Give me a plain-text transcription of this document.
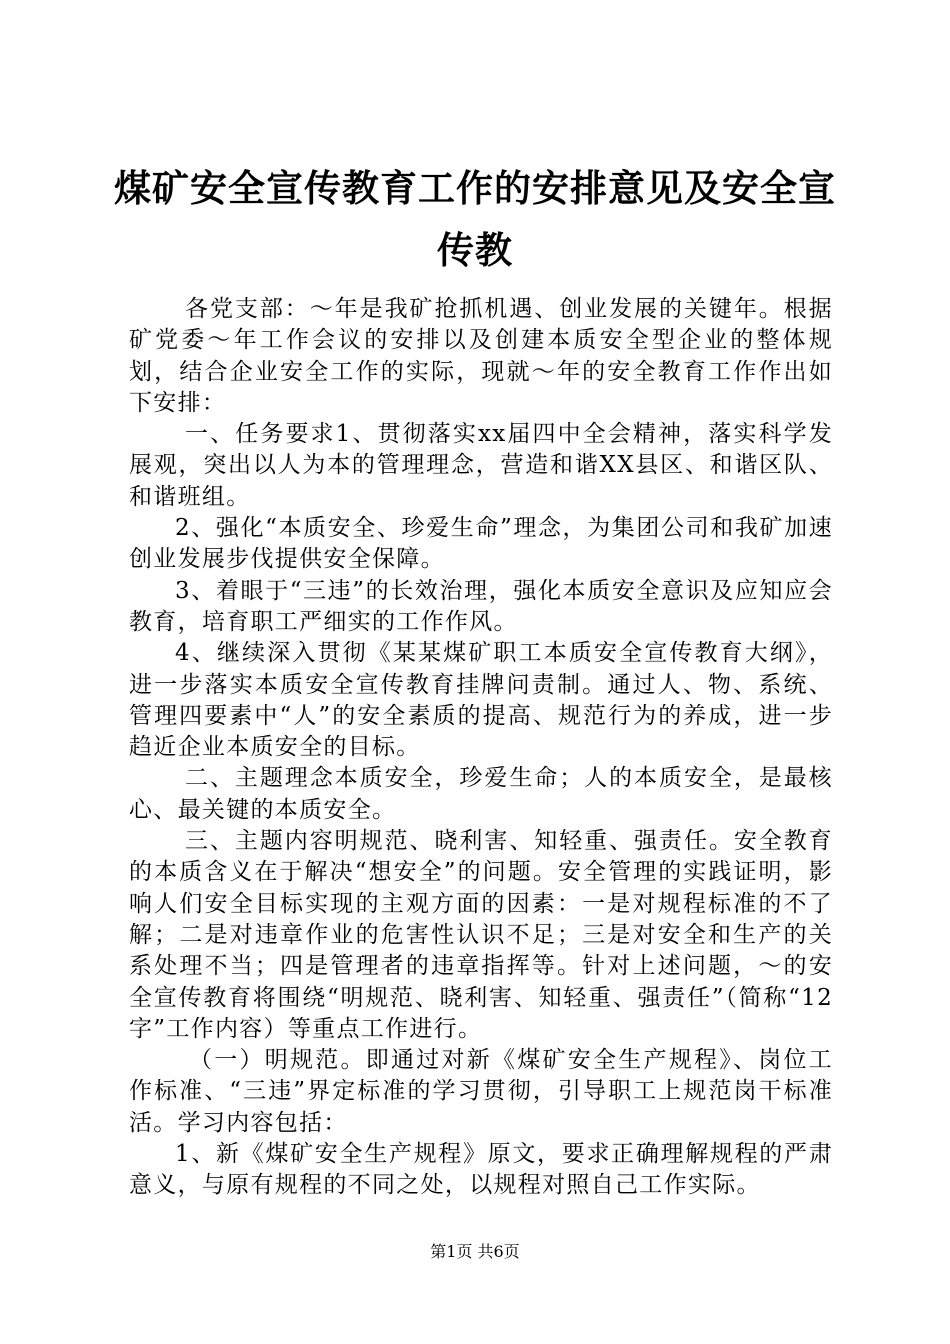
煤矿安全宣传教育工作的安排意见及安全宣传教

各党支部：～年是我矿抢抓机遇、创业发展的关键年。根据矿党委～年工作会议的安排以及创建本质安全型企业的整体规划，结合企业安全工作的实际，现就～年的安全教育工作作出如下安排：

一、任务要求1、贯彻落实xx届四中全会精神，落实科学发展观，突出以人为本的管理理念，营造和谐XX县区、和谐区队、和谐班组。

2、强化“本质安全、珍爱生命”理念，为集团公司和我矿加速创业发展步伐提供安全保障。

3、着眼于“三违”的长效治理，强化本质安全意识及应知应会教育，培育职工严细实的工作作风。

4、继续深入贯彻《某某煤矿职工本质安全宣传教育大纲》，进一步落实本质安全宣传教育挂牌问责制。通过人、物、系统、管理四要素中“人”的安全素质的提高、规范行为的养成，进一步趋近企业本质安全的目标。

二、主题理念本质安全，珍爱生命；人的本质安全，是最核心、最关键的本质安全。

三、主题内容明规范、晓利害、知轻重、强责任。安全教育的本质含义在于解决“想安全”的问题。安全管理的实践证明，影响人们安全目标实现的主观方面的因素：一是对规程标准的不了解；二是对违章作业的危害性认识不足；三是对安全和生产的关系处理不当；四是管理者的违章指挥等。针对上述问题，～的安全宣传教育将围绕“明规范、晓利害、知轻重、强责任”（简称“12字”工作内容）等重点工作进行。

（一）明规范。即通过对新《煤矿安全生产规程》、岗位工作标准、“三违”界定标准的学习贯彻，引导职工上规范岗干标准活。学习内容包括：

1、新《煤矿安全生产规程》原文，要求正确理解规程的严肃意义，与原有规程的不同之处，以规程对照自己工作实际。

第1页 共6页
